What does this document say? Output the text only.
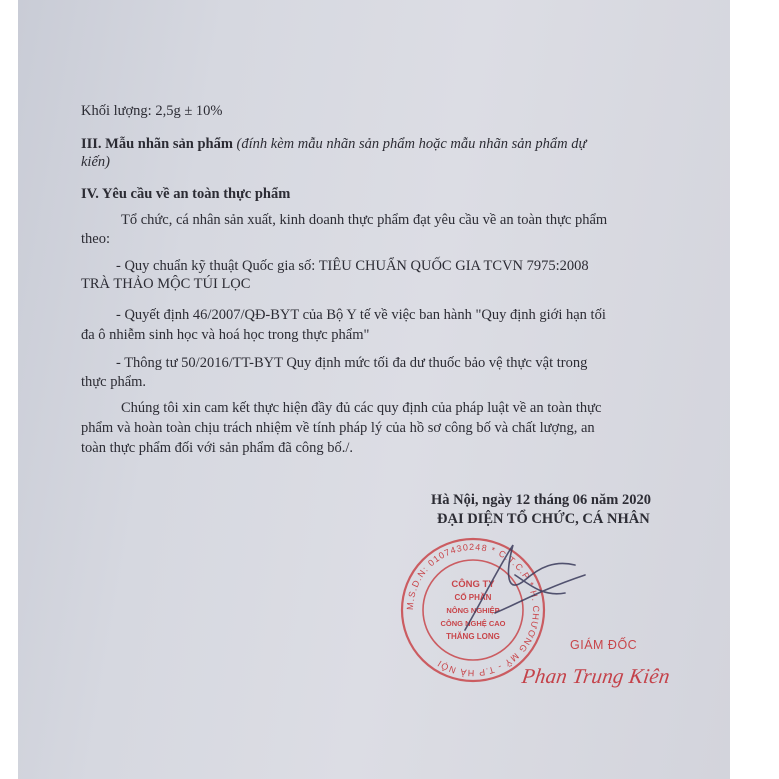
Khối lượng: 2,5g ± 10%
III. Mẫu nhãn sản phẩm (đính kèm mẫu nhãn sản phẩm hoặc mẫu nhãn sản phẩm dự
kiến)
IV. Yêu cầu về an toàn thực phẩm
Tổ chức, cá nhân sản xuất, kinh doanh thực phẩm đạt yêu cầu về an toàn thực phẩm
theo:
- Quy chuẩn kỹ thuật Quốc gia số: TIÊU CHUẨN QUỐC GIA TCVN 7975:2008
TRÀ THẢO MỘC TÚI LỌC
- Quyết định 46/2007/QĐ-BYT của Bộ Y tế về việc ban hành "Quy định giới hạn tối
đa ô nhiễm sinh học và hoá học trong thực phẩm"
- Thông tư 50/2016/TT-BYT Quy định mức tối đa dư thuốc bảo vệ thực vật trong
thực phẩm.
Chúng tôi xin cam kết thực hiện đầy đủ các quy định của pháp luật về an toàn thực
phẩm và hoàn toàn chịu trách nhiệm về tính pháp lý của hồ sơ công bố và chất lượng, an
toàn thực phẩm đối với sản phẩm đã công bố./.
Hà Nội, ngày 12 tháng 06 năm 2020
ĐẠI DIỆN TỔ CHỨC, CÁ NHÂN
M.S.D.N: 0107430248 * C.T.C.P * H. CHƯƠNG MỸ - T.P HÀ NỘI
CÔNG TY
CỔ PHẦN
NÔNG NGHIỆP
CÔNG NGHỆ CAO
THĂNG LONG
GIÁM ĐỐC
Phan Trung Kiên
